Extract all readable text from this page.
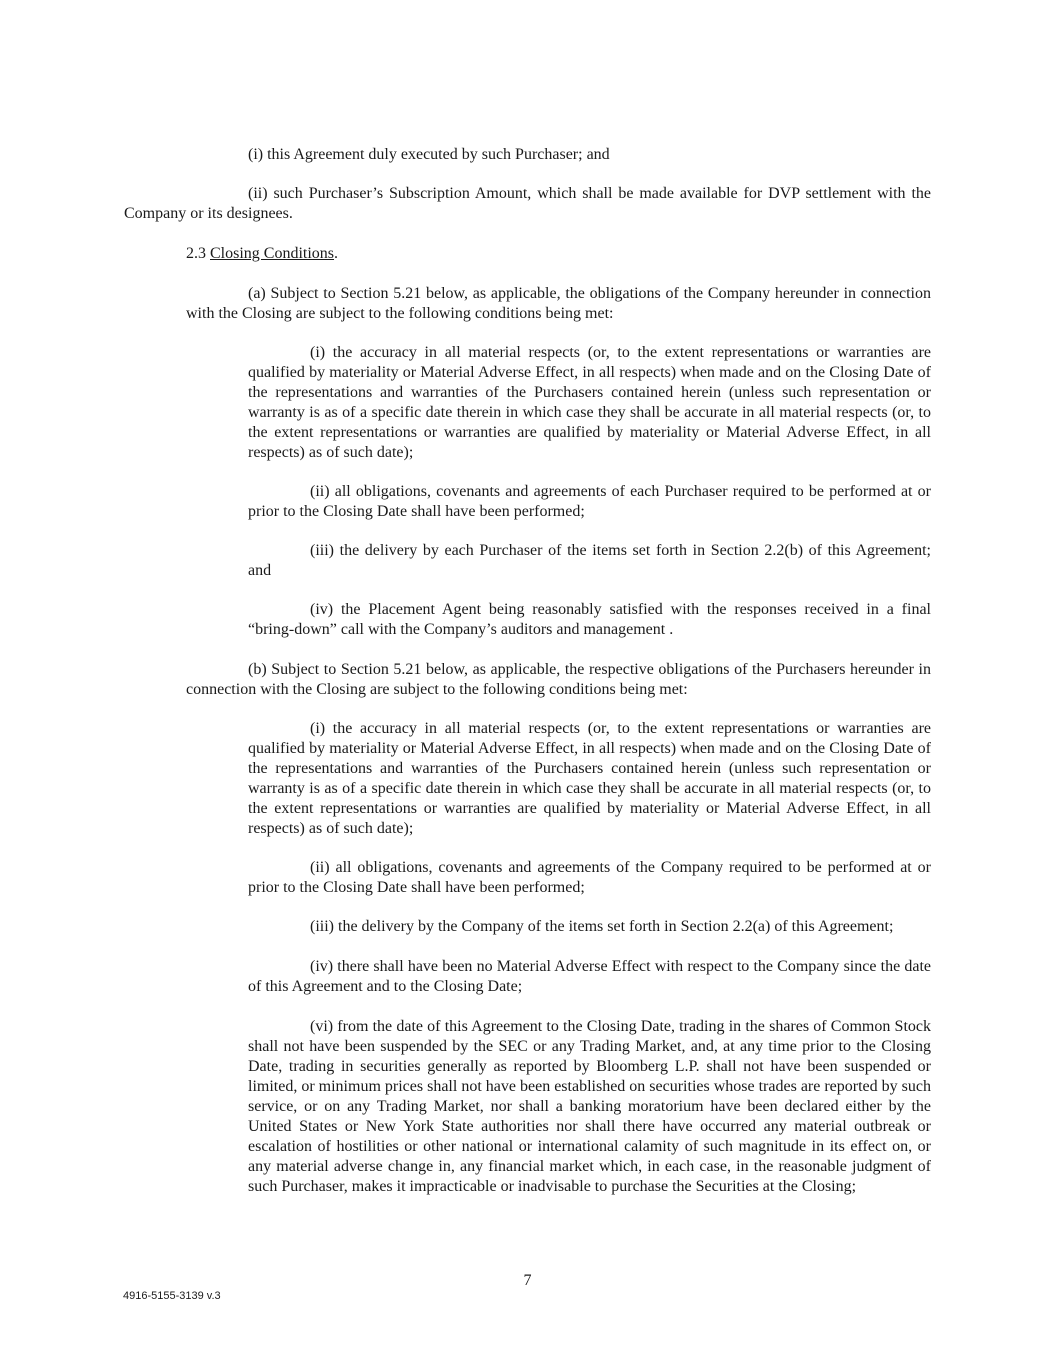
(i) this Agreement duly executed by such Purchaser; and

(ii) such Purchaser’s Subscription Amount, which shall be made available for DVP settlement with the Company or its designees.

2.3 Closing Conditions.

(a) Subject to Section 5.21 below, as applicable, the obligations of the Company hereunder in connection with the Closing are subject to the following conditions being met:

(i) the accuracy in all material respects (or, to the extent representations or warranties are qualified by materiality or Material Adverse Effect, in all respects) when made and on the Closing Date of the representations and warranties of the Purchasers contained herein (unless such representation or warranty is as of a specific date therein in which case they shall be accurate in all material respects (or, to the extent representations or warranties are qualified by materiality or Material Adverse Effect, in all respects) as of such date);

(ii) all obligations, covenants and agreements of each Purchaser required to be performed at or prior to the Closing Date shall have been performed;

(iii) the delivery by each Purchaser of the items set forth in Section 2.2(b) of this Agreement; and

(iv) the Placement Agent being reasonably satisfied with the responses received in a final “bring-down” call with the Company’s auditors and management .

(b) Subject to Section 5.21 below, as applicable, the respective obligations of the Purchasers hereunder in connection with the Closing are subject to the following conditions being met:

(i) the accuracy in all material respects (or, to the extent representations or warranties are qualified by materiality or Material Adverse Effect, in all respects) when made and on the Closing Date of the representations and warranties of the Purchasers contained herein (unless such representation or warranty is as of a specific date therein in which case they shall be accurate in all material respects (or, to the extent representations or warranties are qualified by materiality or Material Adverse Effect, in all respects) as of such date);

(ii) all obligations, covenants and agreements of the Company required to be performed at or prior to the Closing Date shall have been performed;

(iii) the delivery by the Company of the items set forth in Section 2.2(a) of this Agreement;

(iv) there shall have been no Material Adverse Effect with respect to the Company since the date of this Agreement and to the Closing Date;

(vi) from the date of this Agreement to the Closing Date, trading in the shares of Common Stock shall not have been suspended by the SEC or any Trading Market, and, at any time prior to the Closing Date, trading in securities generally as reported by Bloomberg L.P. shall not have been suspended or limited, or minimum prices shall not have been established on securities whose trades are reported by such service, or on any Trading Market, nor shall a banking moratorium have been declared either by the United States or New York State authorities nor shall there have occurred any material outbreak or escalation of hostilities or other national or international calamity of such magnitude in its effect on, or any material adverse change in, any financial market which, in each case, in the reasonable judgment of such Purchaser, makes it impracticable or inadvisable to purchase the Securities at the Closing;

7
4916-5155-3139 v.3
